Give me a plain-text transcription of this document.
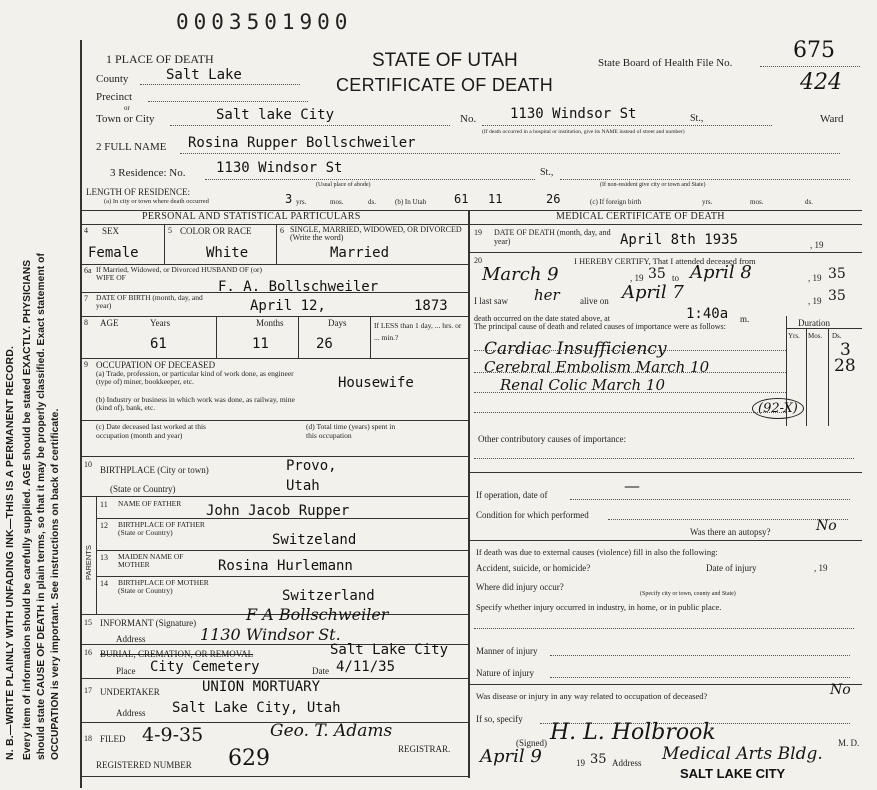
0003501900
N. B.—WRITE PLAINLY WITH UNFADING INK—THIS IS A PERMANENT RECORD. Every item of information should be carefully supplied. AGE should be stated EXACTLY. PHYSICIANS should state CAUSE OF DEATH in plain terms, so that it may be properly classified. Exact statement of OCCUPATION is very important. See instructions on back of certificate.
1 PLACE OF DEATH	STATE OF UTAH
CERTIFICATE OF DEATH
State Board of Health File No.	675
424
County	Salt Lake
Precinct
or
Town or City	Salt lake City	No. 1130 Windsor St	St.,	Ward
(If death occurred in a hospital or institution, give its NAME instead of street and number)
2 FULL NAME Rosina Rupper Bollschweiler
3 Residence: No. 1130 Windsor St	St.,
(Usual place of abode)	(If non-resident give city or town and State)
LENGTH OF RESIDENCE:
(a) In city or town where death occurred	3 yrs.	mos.	ds.	(b) In Utah 61 11	26	(c) If foreign birth	yrs.	mos.	ds.
PERSONAL AND STATISTICAL PARTICULARS
4 SEX
Female
5 COLOR OR RACE
White
6 SINGLE, MARRIED, WIDOWED, OR DIVORCED (Write the word)
Married
6a If Married, Widowed, or Divorced HUSBAND OF (or) WIFE OF
F. A. Bollschweiler
7 DATE OF BIRTH (month, day, and year)	April 12,	1873
8 AGE	Years	Months	Days
61	11	26
If LESS than 1 day, ... hrs. or ... min.?
9 OCCUPATION OF DECEASED
(a) Trade, profession, or particular kind of work done, as engineer (type of) miner, bookkeeper, etc.
(b) Industry or business in which work was done, as railway, mine (kind of), bank, etc.
(c) Date deceased last worked at this occupation (month and year)
(d) Total time (years) spent in this occupation
Housewife
10
BIRTHPLACE (City or town)	Provo,
(State or Country)	Utah
PARENTS
11 NAME OF FATHER	John Jacob Rupper
12 BIRTHPLACE OF FATHER (State or Country)	Switzeland
13 MAIDEN NAME OF MOTHER	Rosina Hurlemann
14 BIRTHPLACE OF MOTHER (State or Country)	Switzerland
15 INFORMANT (Signature)	F A Bollschweiler
Address	1130 Windsor St.
16 BURIAL, CREMATION, OR REMOVAL	Salt Lake City
Place City Cemetery	Date 4/11/35
17 UNDERTAKER	UNION MORTUARY
Address Salt Lake City, Utah
18 FILED 4-9-35	Geo. T. Adams
REGISTRAR.
REGISTERED NUMBER 629
MEDICAL CERTIFICATE OF DEATH
19 DATE OF DEATH (month, day, and year)	April 8th 1935	, 19
20	I HEREBY CERTIFY, That I attended deceased from
March 9	, 19 35 to April 8	, 19 35
I last saw her alive on April 7	, 19 35
death occurred on the date stated above, at	1:40a m.
The principal cause of death and related causes of importance were as follows:	Duration
Yrs. Mos. Ds.
Cardiac Insufficiency	3
Cerebral Embolism March 10	28
Renal Colic March 10
(92-X)
Other contributory causes of importance:
If operation, date of	—
Condition for which performed
Was there an autopsy?	No
If death was due to external causes (violence) fill in also the following:
Accident, suicide, or homicide?	Date of injury	, 19
Where did injury occur?
(Specify city or town, county and State)
Specify whether injury occurred in industry, in home, or in public place.
Manner of injury
Nature of injury
Was disease or injury in any way related to occupation of deceased?	No
If so, specify
(Signed) H. L. Holbrook	M. D.
April 9	19 35 Address Medical Arts Bldg.
SALT LAKE CITY
